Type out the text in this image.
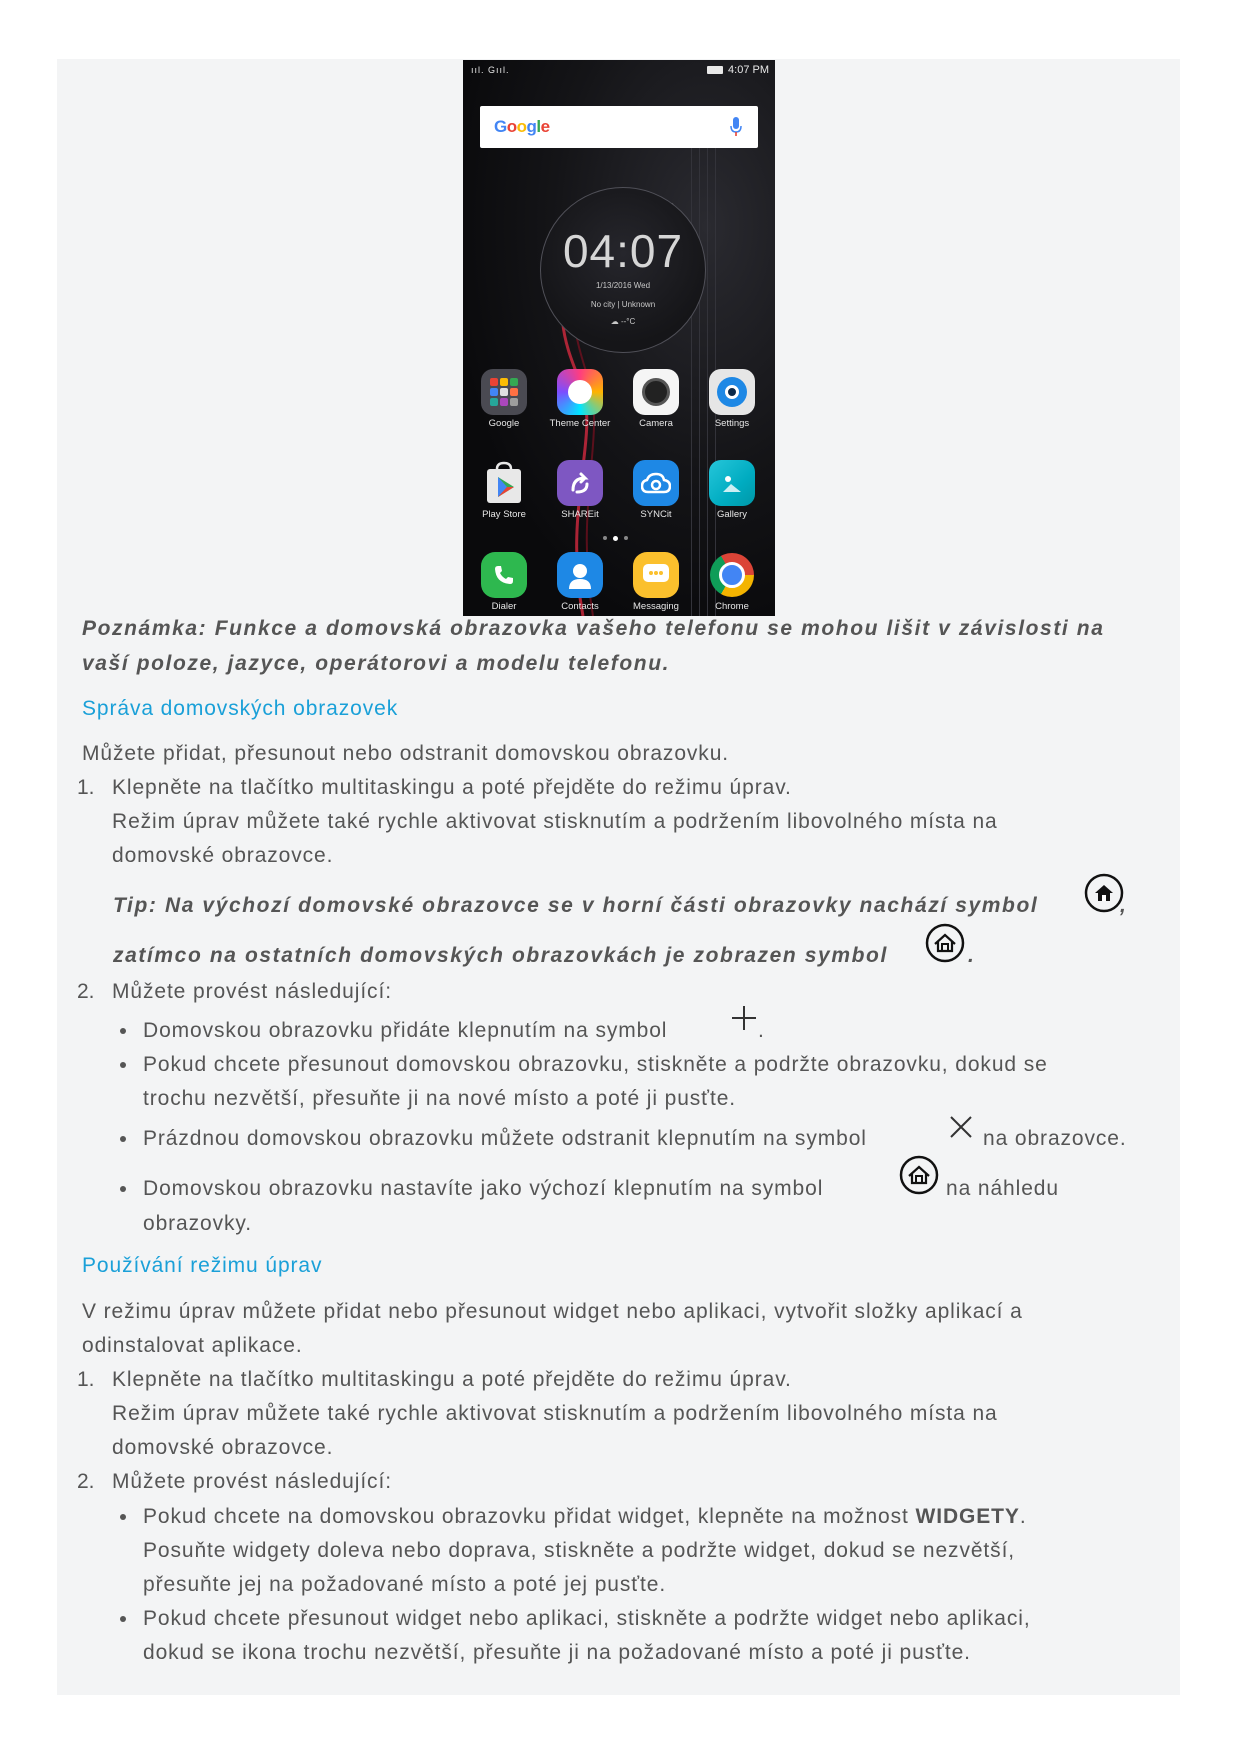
ııl. Gııl.	4:07 PM
Google
04:07
1/13/2016 Wed
No city | Unknown
☁ --°C
Google	Theme Center	Camera	Settings
Play Store	SHAREit	SYNCit	Gallery
Dialer	Contacts	Messaging	Chrome
Poznámka: Funkce a domovská obrazovka vašeho telefonu se mohou lišit v závislosti na
vaší poloze, jazyce, operátorovi a modelu telefonu.
Správa domovských obrazovek
Můžete přidat, přesunout nebo odstranit domovskou obrazovku.
1. Klepněte na tlačítko multitaskingu a poté přejděte do režimu úprav.
Režim úprav můžete také rychle aktivovat stisknutím a podržením libovolného místa na
domovské obrazovce.
Tip: Na výchozí domovské obrazovce se v horní části obrazovky nachází symbol	,
zatímco na ostatních domovských obrazovkách je zobrazen symbol	.
2. Můžete provést následující:
Domovskou obrazovku přidáte klepnutím na symbol	.
Pokud chcete přesunout domovskou obrazovku, stiskněte a podržte obrazovku, dokud se
trochu nezvětší, přesuňte ji na nové místo a poté ji pusťte.
Prázdnou domovskou obrazovku můžete odstranit klepnutím na symbol	na obrazovce.
Domovskou obrazovku nastavíte jako výchozí klepnutím na symbol	na náhledu
obrazovky.
Používání režimu úprav
V režimu úprav můžete přidat nebo přesunout widget nebo aplikaci, vytvořit složky aplikací a
odinstalovat aplikace.
1. Klepněte na tlačítko multitaskingu a poté přejděte do režimu úprav.
Režim úprav můžete také rychle aktivovat stisknutím a podržením libovolného místa na
domovské obrazovce.
2. Můžete provést následující:
Pokud chcete na domovskou obrazovku přidat widget, klepněte na možnost WIDGETY.
Posuňte widgety doleva nebo doprava, stiskněte a podržte widget, dokud se nezvětší,
přesuňte jej na požadované místo a poté jej pusťte.
Pokud chcete přesunout widget nebo aplikaci, stiskněte a podržte widget nebo aplikaci,
dokud se ikona trochu nezvětší, přesuňte ji na požadované místo a poté ji pusťte.
